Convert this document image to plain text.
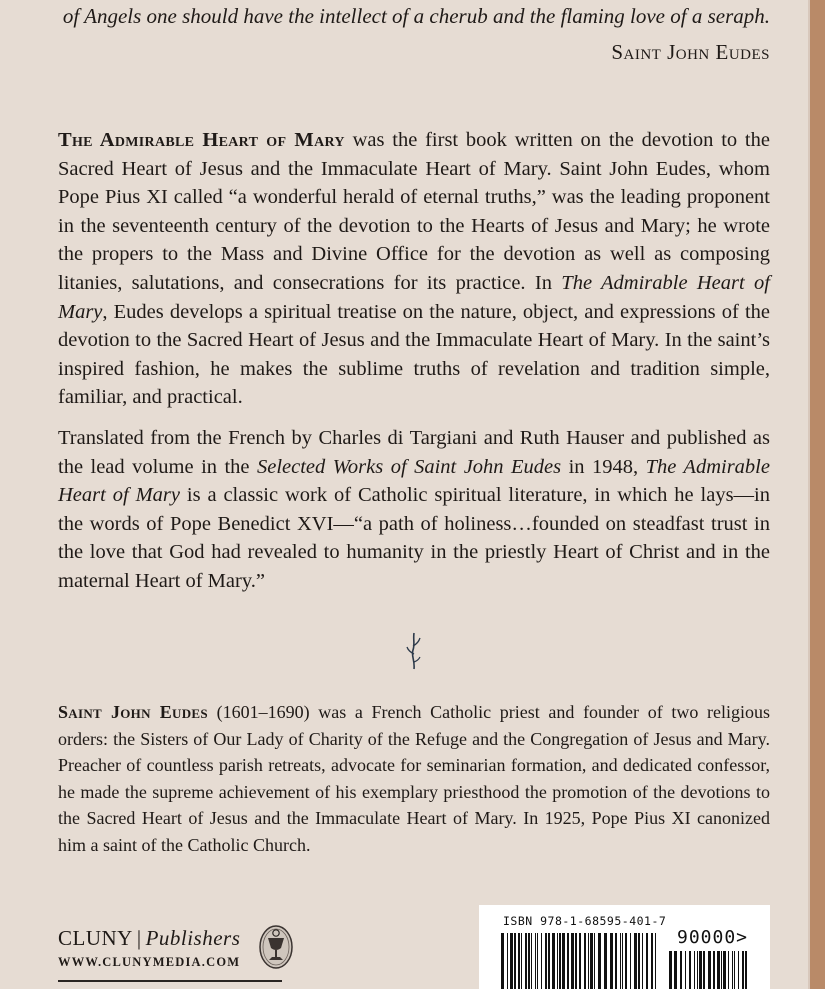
of Angels one should have the intellect of a cherub and the flaming love of a seraph.
Saint John Eudes
The Admirable Heart of Mary was the first book written on the devotion to the Sacred Heart of Jesus and the Immaculate Heart of Mary. Saint John Eudes, whom Pope Pius XI called “a wonderful herald of eternal truths,” was the leading proponent in the seventeenth century of the devotion to the Hearts of Jesus and Mary; he wrote the propers to the Mass and Divine Office for the devotion as well as composing litanies, salutations, and consecrations for its practice. In The Admirable Heart of Mary, Eudes develops a spiritual treatise on the nature, object, and expressions of the devotion to the Sacred Heart of Jesus and the Immaculate Heart of Mary. In the saint’s inspired fashion, he makes the sublime truths of revelation and tradition simple, familiar, and practical.
Translated from the French by Charles di Targiani and Ruth Hauser and published as the lead volume in the Selected Works of Saint John Eudes in 1948, The Admirable Heart of Mary is a classic work of Catholic spiritual literature, in which he lays—in the words of Pope Benedict XVI—“a path of holiness…founded on steadfast trust in the love that God had revealed to humanity in the priestly Heart of Christ and in the maternal Heart of Mary.”
Saint John Eudes (1601–1690) was a French Catholic priest and founder of two religious orders: the Sisters of Our Lady of Charity of the Refuge and the Congregation of Jesus and Mary. Preacher of countless parish retreats, advocate for seminarian formation, and dedicated confessor, he made the supreme achievement of his exemplary priesthood the promotion of the devotions to the Sacred Heart of Jesus and the Immaculate Heart of Mary. In 1925, Pope Pius XI canonized him a saint of the Catholic Church.
CLUNY | Publishers
WWW.CLUNYMEDIA.COM
ISBN 978-1-68595-401-7
90000>
